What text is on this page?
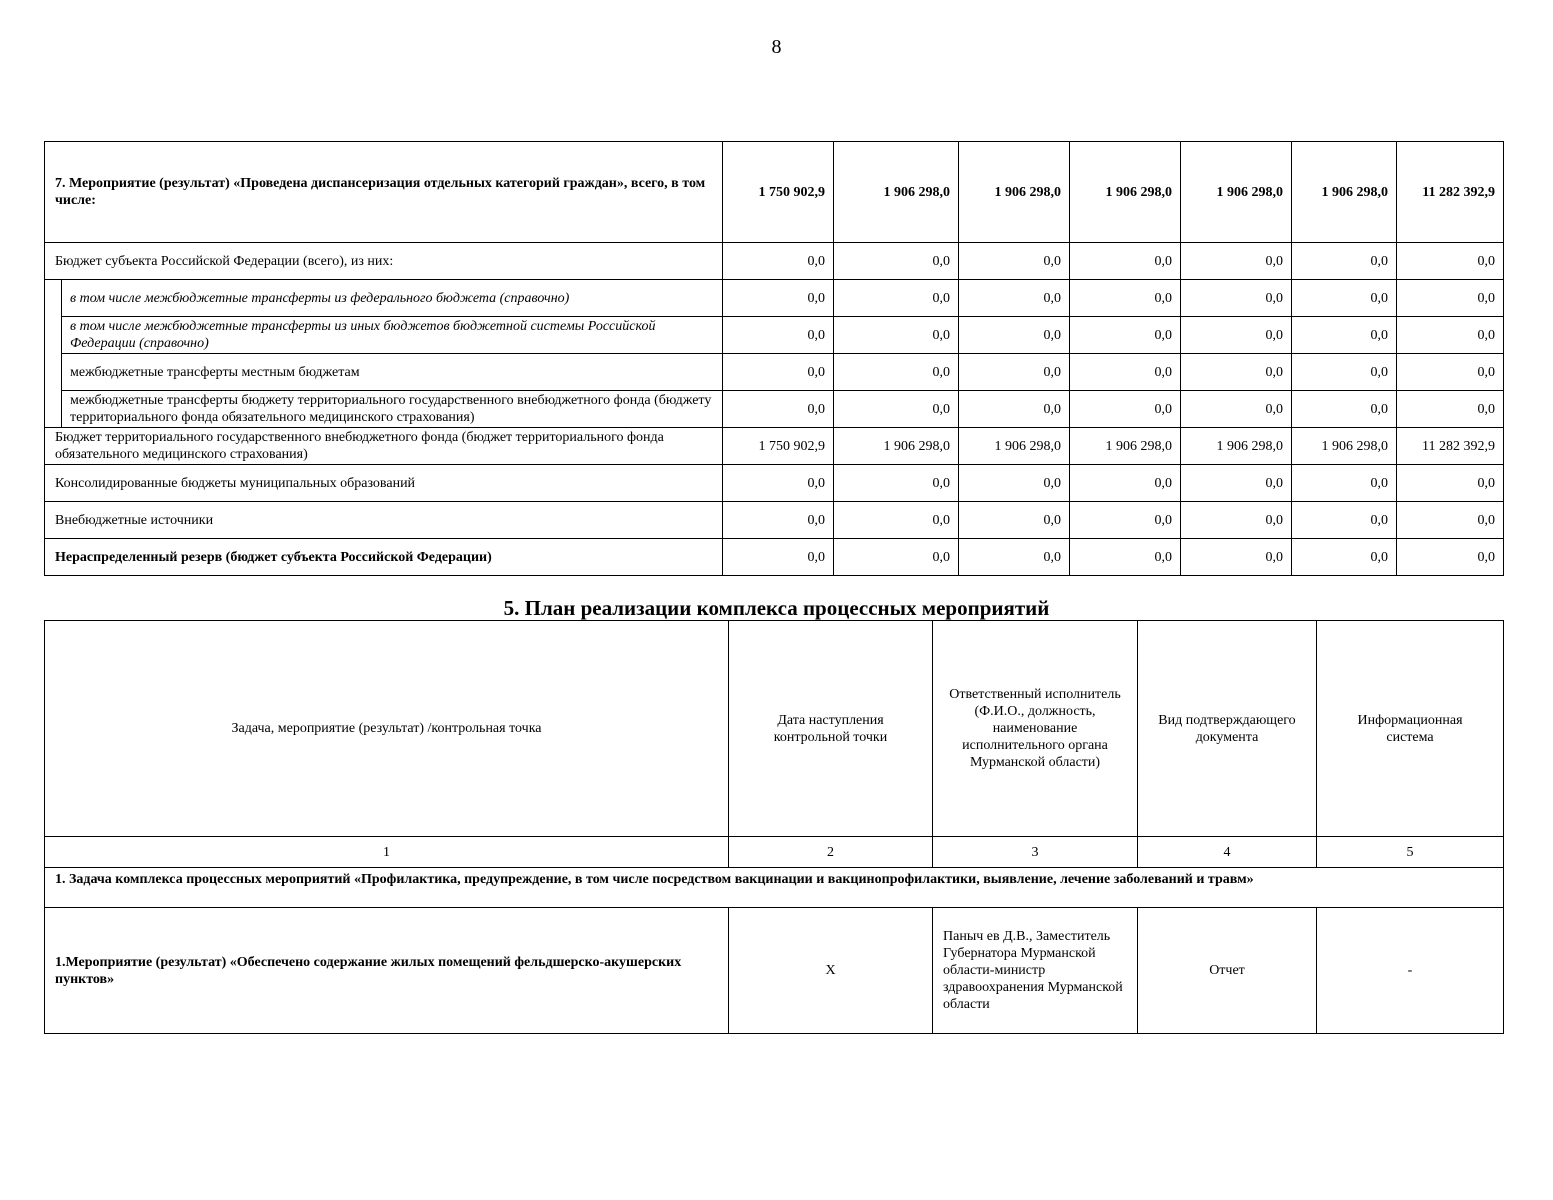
8
7. Мероприятие (результат) «Проведена диспансеризация отдельных категорий граждан», всего, в том числе:		1 750 902,9	1 906 298,0	1 906 298,0	1 906 298,0	1 906 298,0	1 906 298,0	11 282 392,9
Бюджет субъекта Российской Федерации (всего), из них:		0,0	0,0	0,0	0,0	0,0	0,0	0,0
	в том числе межбюджетные трансферты из федерального бюджета (справочно)	0,0	0,0	0,0	0,0	0,0	0,0	0,0
	в том числе межбюджетные трансферты из иных бюджетов бюджетной системы Российской Федерации (справочно)	0,0	0,0	0,0	0,0	0,0	0,0	0,0
	межбюджетные трансферты местным бюджетам	0,0	0,0	0,0	0,0	0,0	0,0	0,0
	межбюджетные трансферты бюджету территориального государственного внебюджетного фонда (бюджету территориального фонда обязательного медицинского страхования)	0,0	0,0	0,0	0,0	0,0	0,0	0,0
Бюджет территориального государственного внебюджетного фонда (бюджет территориального фонда обязательного медицинского страхования)		1 750 902,9	1 906 298,0	1 906 298,0	1 906 298,0	1 906 298,0	1 906 298,0	11 282 392,9
Консолидированные бюджеты муниципальных образований		0,0	0,0	0,0	0,0	0,0	0,0	0,0
Внебюджетные источники		0,0	0,0	0,0	0,0	0,0	0,0	0,0
Нераспределенный резерв (бюджет субъекта Российской Федерации)		0,0	0,0	0,0	0,0	0,0	0,0	0,0
5. План реализации комплекса процессных мероприятий
Задача, мероприятие (результат) /контрольная точка	Дата наступления контрольной точки	Ответственный исполнитель (Ф.И.О., должность, наименование исполнительного органа Мурманской области)	Вид подтверждающего документа	Информационная система
1	2	3	4	5
1. Задача комплекса процессных мероприятий «Профилактика, предупреждение, в том числе посредством вакцинации и вакцинопрофилактики, выявление, лечение заболеваний и травм»				
1.Мероприятие (результат) «Обеспечено содержание жилых помещений фельдшерско-акушерских пунктов»	Х	Паныч ев Д.В., Заместитель Губернатора Мурманской области-министр здравоохранения Мурманской области	Отчет	-
